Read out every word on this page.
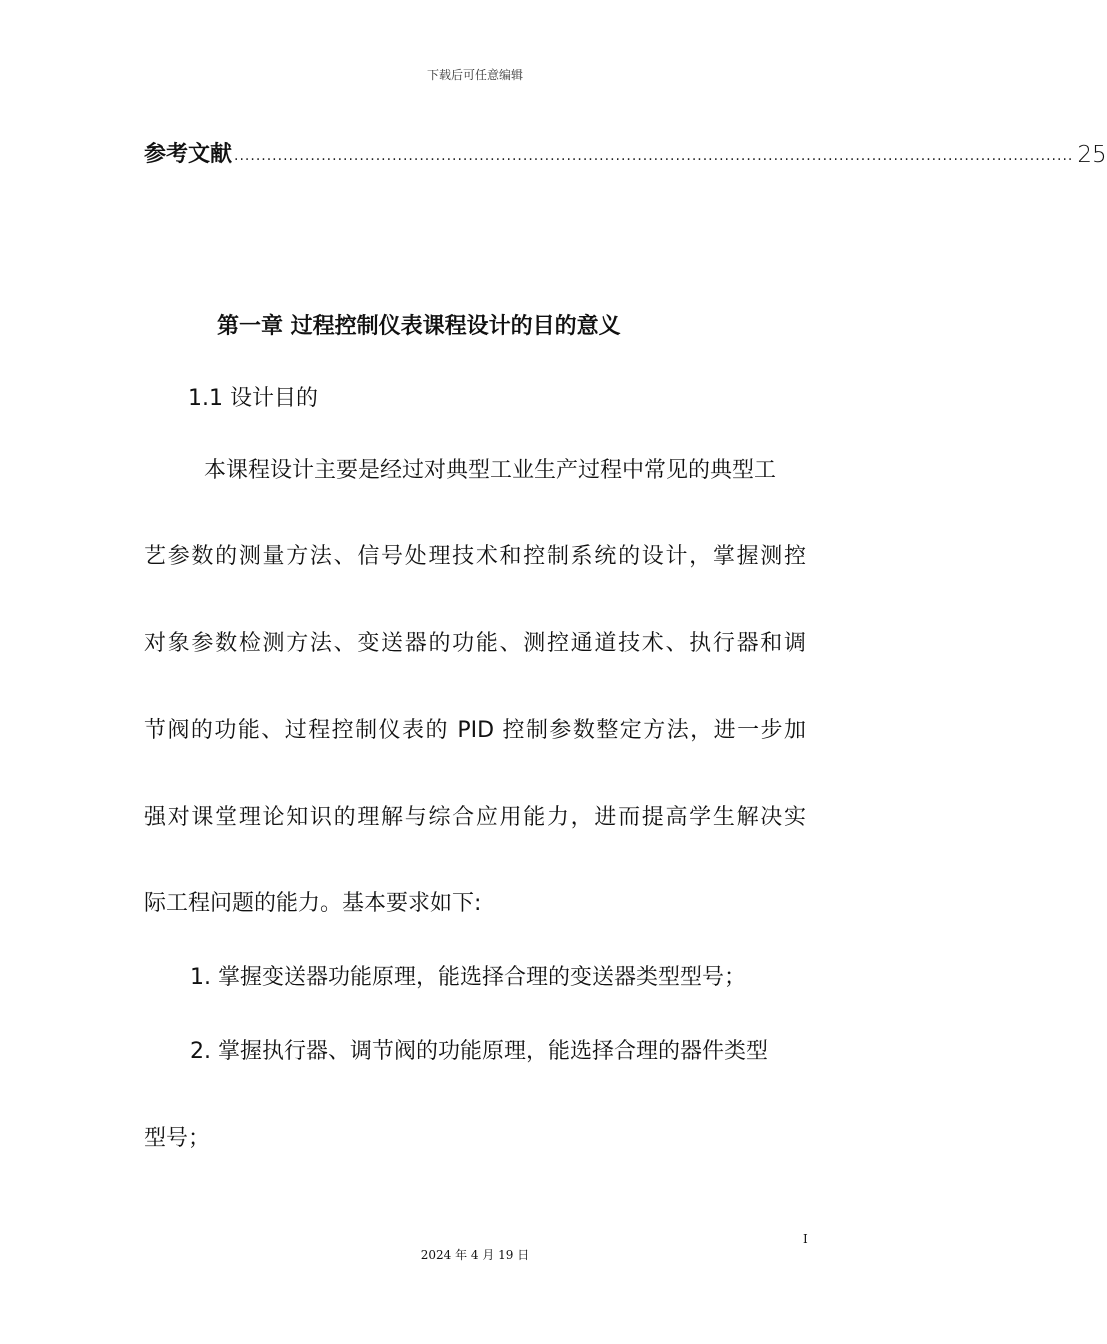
下载后可任意编辑
参考文献 .......................................................................................................................................................... 25
第一章 过程控制仪表课程设计的目的意义
1.1 设计目的
本课程设计主要是经过对典型工业生产过程中常见的典型工
艺参数的测量方法、信号处理技术和控制系统的设计，掌握测控
对象参数检测方法、变送器的功能、测控通道技术、执行器和调
节阀的功能、过程控制仪表的 PID 控制参数整定方法，进一步加
强对课堂理论知识的理解与综合应用能力，进而提高学生解决实
际工程问题的能力。基本要求如下:
1. 掌握变送器功能原理，能选择合理的变送器类型型号；
2. 掌握执行器、调节阀的功能原理，能选择合理的器件类型
型号；
I
2024 年 4 月 19 日
